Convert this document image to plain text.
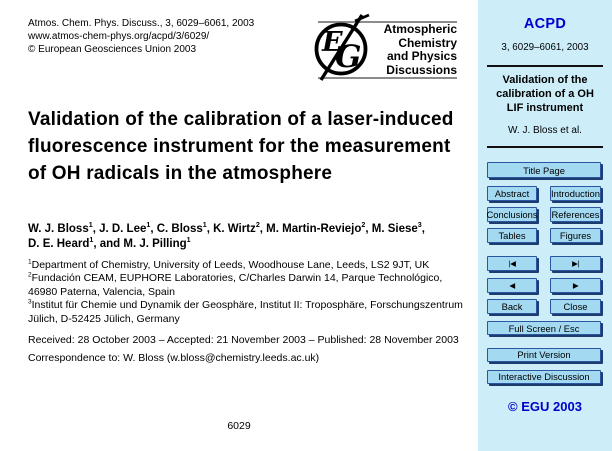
Atmos. Chem. Phys. Discuss., 3, 6029–6061, 2003
www.atmos-chem-phys.org/acpd/3/6029/
© European Geosciences Union 2003	E
G
Atmospheric
Chemistry
and Physics
Discussions
Validation of the calibration of a laser-induced fluorescence instrument for the measurement of OH radicals in the atmosphere
W. J. Bloss$^1$, J. D. Lee$^1$, C. Bloss$^1$, K. Wirtz$^2$, M. Martin-Reviejo$^2$, M. Siese$^3$,
D. E. Heard$^1$, and M. J. Pilling$^1$
$^1$Department of Chemistry, University of Leeds, Woodhouse Lane, Leeds, LS2 9JT, UK
$^2$Fundación CEAM, EUPHORE Laboratories, C/Charles Darwin 14, Parque Technológico, 46980 Paterna, Valencia, Spain
$^3$Institut für Chemie und Dynamik der Geosphäre, Institut II: Troposphäre, Forschungszentrum Jülich, D-52425 Jülich, Germany
Received: 28 October 2003 – Accepted: 21 November 2003 – Published: 28 November 2003
Correspondence to: W. Bloss (w.bloss@chemistry.leeds.ac.uk)
6029
ACPD
3, 6029–6061, 2003
Validation of the
calibration of a OH
LIF instrument
W. J. Bloss et al.
Title Page
Abstract	Introduction
Conclusions References
Tables	Figures
|◀	▶|
◀	▶
Back	Close
Full Screen / Esc
Print Version
Interactive Discussion
© EGU 2003
